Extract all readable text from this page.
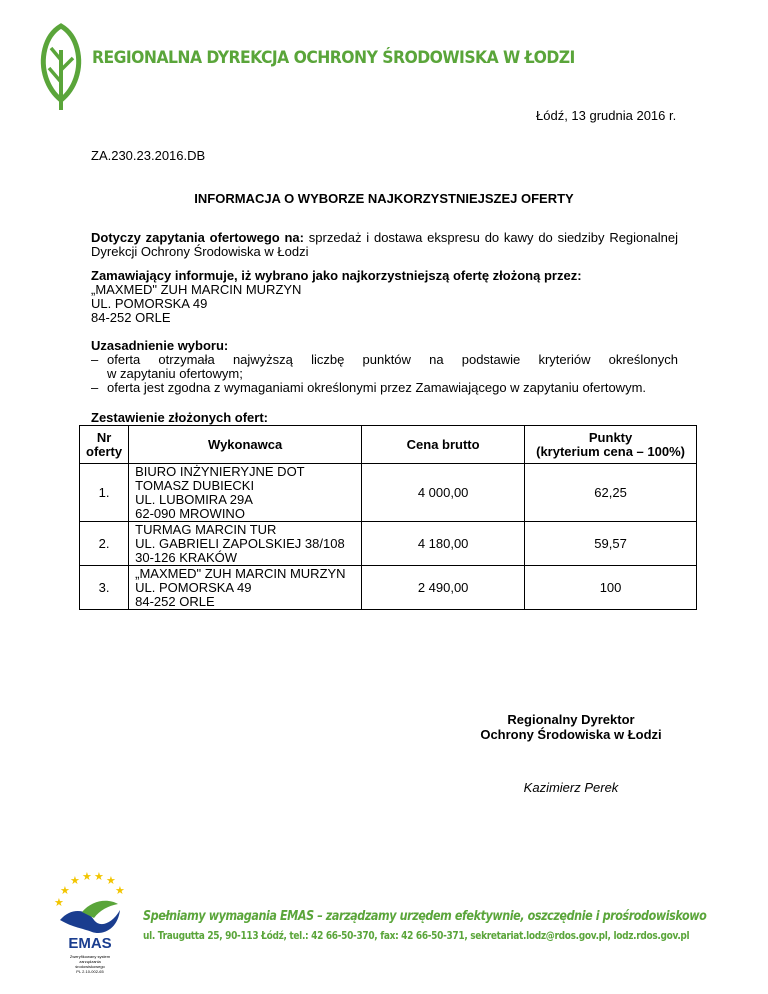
REGIONALNA DYREKCJA OCHRONY ŚRODOWISKA W ŁODZI
Łódź, 13 grudnia 2016 r.
ZA.230.23.2016.DB
INFORMACJA O WYBORZE NAJKORZYSTNIEJSZEJ OFERTY
Dotyczy zapytania ofertowego na: sprzedaż i dostawa ekspresu do kawy do siedziby Regionalnej Dyrekcji Ochrony Środowiska w Łodzi
Zamawiający informuje, iż wybrano jako najkorzystniejszą ofertę złożoną przez:
„MAXMED" ZUH MARCIN MURZYN
UL. POMORSKA 49
84-252 ORLE
Uzasadnienie wyboru:
– oferta otrzymała najwyższą liczbę punktów na podstawie kryteriów określonych
w zapytaniu ofertowym;
– oferta jest zgodna z wymaganiami określonymi przez Zamawiającego w zapytaniu ofertowym.
Zestawienie złożonych ofert:
Nr oferty	Wykonawca	Cena brutto	Punkty
(kryterium cena – 100%)

1.	BIURO INŻYNIERYJNE DOT TOMASZ DUBIECKI
UL. LUBOMIRA 29A
62-090 MROWINO	4 000,00	62,25
2.	TURMAG MARCIN TUR
UL. GABRIELI ZAPOLSKIEJ 38/108
30-126 KRAKÓW	4 180,00	59,57
3.	„MAXMED" ZUH MARCIN MURZYN
UL. POMORSKA 49
84-252 ORLE	2 490,00	100
Regionalny Dyrektor
Ochrony Środowiska w Łodzi
Kazimierz Perek
★
★ ★ ★ ★
★
★
EMAS
Zweryfikowany system
zarządzania
środowiskowego
PL 2.10-002-65
Spełniamy wymagania EMAS – zarządzamy urzędem efektywnie, oszczędnie i prośrodowiskowo
ul. Traugutta 25, 90-113 Łódź, tel.: 42 66-50-370, fax: 42 66-50-371, sekretariat.lodz@rdos.gov.pl, lodz.rdos.gov.pl
